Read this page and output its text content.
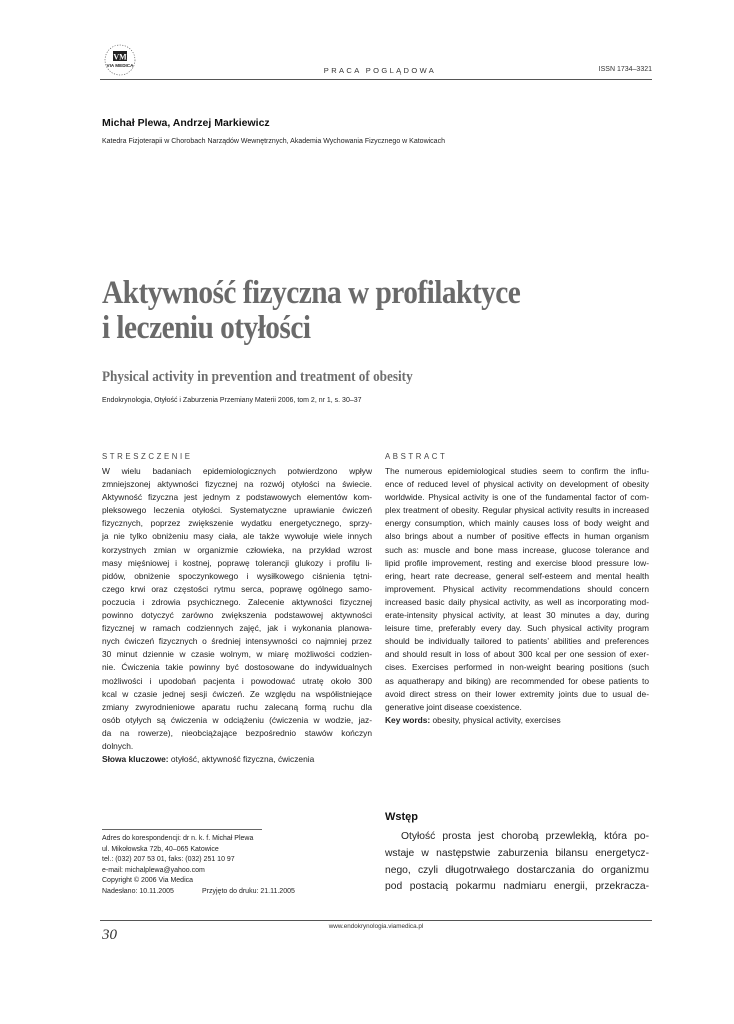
VM
VIA MEDICA
PRACA POGLĄDOWA	ISSN 1734–3321
Michał Plewa, Andrzej Markiewicz
Katedra Fizjoterapii w Chorobach Narządów Wewnętrznych, Akademia Wychowania Fizycznego w Katowicach
Aktywność fizyczna w profilaktyce
i leczeniu otyłości
Physical activity in prevention and treatment of obesity
Endokrynologia, Otyłość i Zaburzenia Przemiany Materii 2006, tom 2, nr 1, s. 30–37
STRESZCZENIE
W wielu badaniach epidemiologicznych potwierdzono wpływ
zmniejszonej aktywności fizycznej na rozwój otyłości na świecie.
Aktywność fizyczna jest jednym z podstawowych elementów kom-
pleksowego leczenia otyłości. Systematyczne uprawianie ćwiczeń
fizycznych, poprzez zwiększenie wydatku energetycznego, sprzy-
ja nie tylko obniżeniu masy ciała, ale także wywołuje wiele innych
korzystnych zmian w organizmie człowieka, na przykład wzrost
masy mięśniowej i kostnej, poprawę tolerancji glukozy i profilu li-
pidów, obniżenie spoczynkowego i wysiłkowego ciśnienia tętni-
czego krwi oraz częstości rytmu serca, poprawę ogólnego samo-
poczucia i zdrowia psychicznego. Zalecenie aktywności fizycznej
powinno dotyczyć zarówno zwiększenia podstawowej aktywności
fizycznej w ramach codziennych zajęć, jak i wykonania planowa-
nych ćwiczeń fizycznych o średniej intensywności co najmniej przez
30 minut dziennie w czasie wolnym, w miarę możliwości codzien-
nie. Ćwiczenia takie powinny być dostosowane do indywidualnych
możliwości i upodobań pacjenta i powodować utratę około 300
kcal w czasie jednej sesji ćwiczeń. Ze względu na współistniejące
zmiany zwyrodnieniowe aparatu ruchu zalecaną formą ruchu dla
osób otyłych są ćwiczenia w odciążeniu (ćwiczenia w wodzie, jaz-
da na rowerze), nieobciążające bezpośrednio stawów kończyn
dolnych.
Słowa kluczowe: otyłość, aktywność fizyczna, ćwiczenia
ABSTRACT
The numerous epidemiological studies seem to confirm the influ-
ence of reduced level of physical activity on development of obesity
worldwide. Physical activity is one of the fundamental factor of com-
plex treatment of obesity. Regular physical activity results in increased
energy consumption, which mainly causes loss of body weight and
also brings about a number of positive effects in human organism
such as: muscle and bone mass increase, glucose tolerance and
lipid profile improvement, resting and exercise blood pressure low-
ering, heart rate decrease, general self-esteem and mental health
improvement. Physical activity recommendations should concern
increased basic daily physical activity, as well as incorporating mod-
erate-intensity physical activity, at least 30 minutes a day, during
leisure time, preferably every day. Such physical activity program
should be individually tailored to patients’ abilities and preferences
and should result in loss of about 300 kcal per one session of exer-
cises. Exercises performed in non-weight bearing positions (such
as aquatherapy and biking) are recommended for obese patients to
avoid direct stress on their lower extremity joints due to usual de-
generative joint disease coexistence.
Key words: obesity, physical activity, exercises
Wstęp
Otyłość prosta jest chorobą przewlekłą, która po-
wstaje w następstwie zaburzenia bilansu energetycz-
nego, czyli długotrwałego dostarczania do organizmu
pod postacią pokarmu nadmiaru energii, przekracza-
Adres do korespondencji: dr n. k. f. Michał Plewa
ul. Mikołowska 72b, 40–065 Katowice
tel.: (032) 207 53 01, faks: (032) 251 10 97
e-mail: michalplewa@yahoo.com
Copyright © 2006 Via Medica
Nadesłano: 10.11.2005	Przyjęto do druku: 21.11.2005
www.endokrynologia.viamedica.pl
30
